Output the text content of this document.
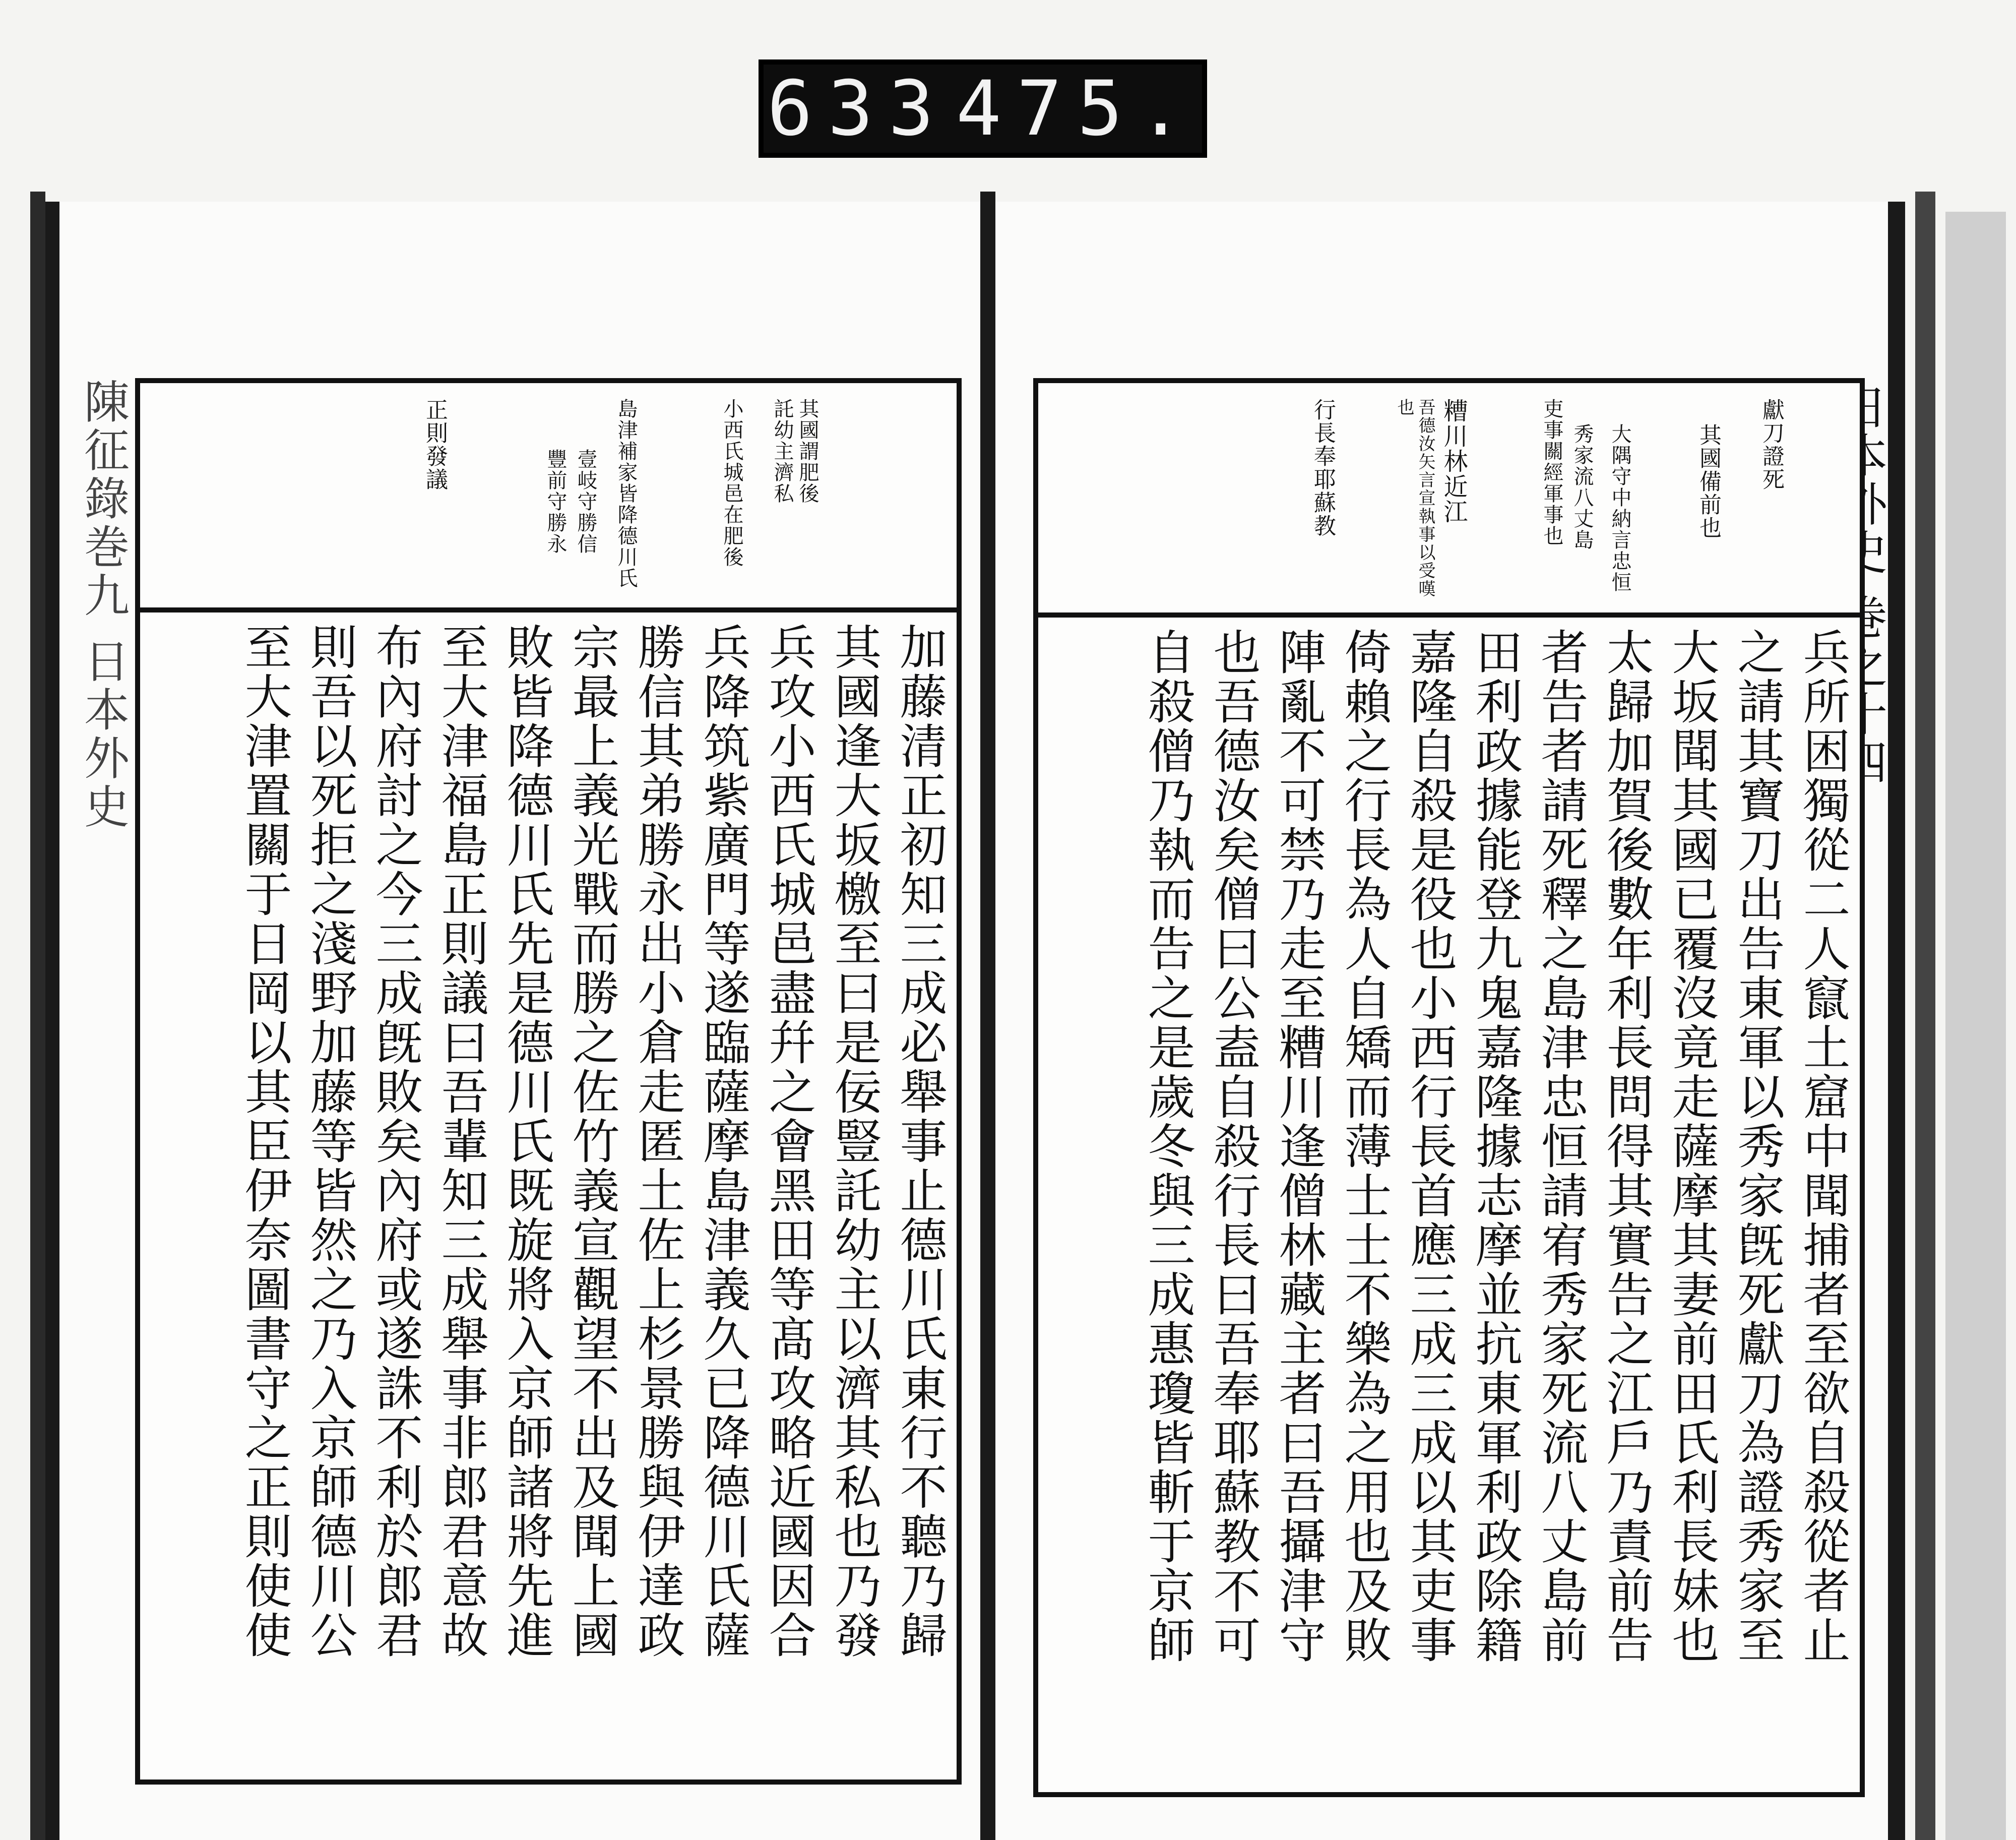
633 475.
陳征錄巻九 日本外史	其國謂肥後
託幼主濟私
小西氏城邑在肥後
島津補家皆降德川氏
壹岐守勝信
豐前守勝永
正則發議
加藤清正初知三成必舉事止德川氏東行不聽乃歸
其國逢大坂檄至曰是佞豎託幼主以濟其私也乃發
兵攻小西氏城邑盡幷之會黑田等髙攻略近國因合
兵降筑紫廣門等遂臨薩摩島津義久已降德川氏薩
勝信其弟勝永出小倉走匿土佐上杉景勝與伊達政
宗最上義光戰而勝之佐竹義宣觀望不出及聞上國
敗皆降德川氏先是德川氏既旋將入京師諸將先進
至大津福島正則議曰吾輩知三成舉事非郎君意故
布內府討之今三成旣敗矣內府或遂誅不利於郎君
則吾以死拒之淺野加藤等皆然之乃入京師德川公
至大津置關于日岡以其臣伊奈圖書守之正則使使
獻刀證死
其國備前也
大隅守中納言忠恒
秀家流八丈島
吏事關經軍事也
糟川林近江
吾德汝矢言宣執事以受嘆也
行長奉耶蘇教
兵所困獨從二人竄土窟中聞捕者至欲自殺從者止
之請其寶刀出告東軍以秀家旣死獻刀為證秀家至
大坂聞其國已覆沒竟走薩摩其妻前田氏利長妹也
太歸加賀後數年利長問得其實告之江戶乃責前告
者告者請死釋之島津忠恒請宥秀家死流八丈島前
田利政據能登九鬼嘉隆據志摩並抗東軍利政除籍
嘉隆自殺是役也小西行長首應三成三成以其吏事
倚賴之行長為人自矯而薄士士不樂為之用也及敗
陣亂不可禁乃走至糟川逢僧林藏主者曰吾攝津守
也吾德汝矣僧曰公盍自殺行長曰吾奉耶蘇教不可
自殺僧乃執而告之是歲冬與三成惠瓊皆斬于京師
